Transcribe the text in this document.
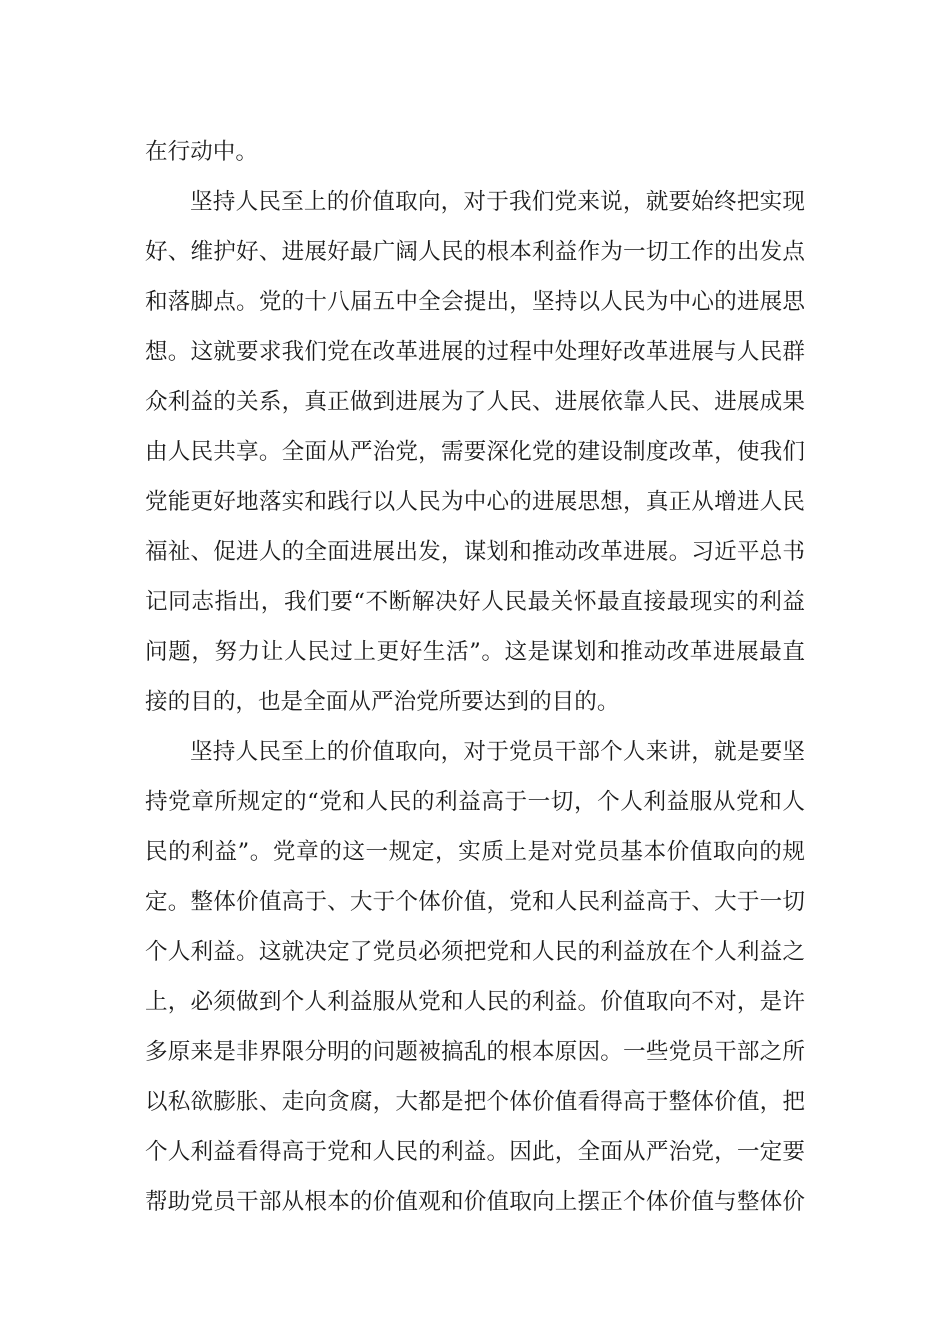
在行动中。
坚持人民至上的价值取向，对于我们党来说，就要始终把实现
好、维护好、进展好最广阔人民的根本利益作为一切工作的出发点
和落脚点。党的十八届五中全会提出，坚持以人民为中心的进展思
想。这就要求我们党在改革进展的过程中处理好改革进展与人民群
众利益的关系，真正做到进展为了人民、进展依靠人民、进展成果
由人民共享。全面从严治党，需要深化党的建设制度改革，使我们
党能更好地落实和践行以人民为中心的进展思想，真正从增进人民
福祉、促进人的全面进展出发，谋划和推动改革进展。习近平总书
记同志指出，我们要“不断解决好人民最关怀最直接最现实的利益
问题，努力让人民过上更好生活”。这是谋划和推动改革进展最直
接的目的，也是全面从严治党所要达到的目的。
坚持人民至上的价值取向，对于党员干部个人来讲，就是要坚
持党章所规定的“党和人民的利益高于一切，个人利益服从党和人
民的利益”。党章的这一规定，实质上是对党员基本价值取向的规
定。整体价值高于、大于个体价值，党和人民利益高于、大于一切
个人利益。这就决定了党员必须把党和人民的利益放在个人利益之
上，必须做到个人利益服从党和人民的利益。价值取向不对，是许
多原来是非界限分明的问题被搞乱的根本原因。一些党员干部之所
以私欲膨胀、走向贪腐，大都是把个体价值看得高于整体价值，把
个人利益看得高于党和人民的利益。因此，全面从严治党，一定要
帮助党员干部从根本的价值观和价值取向上摆正个体价值与整体价
